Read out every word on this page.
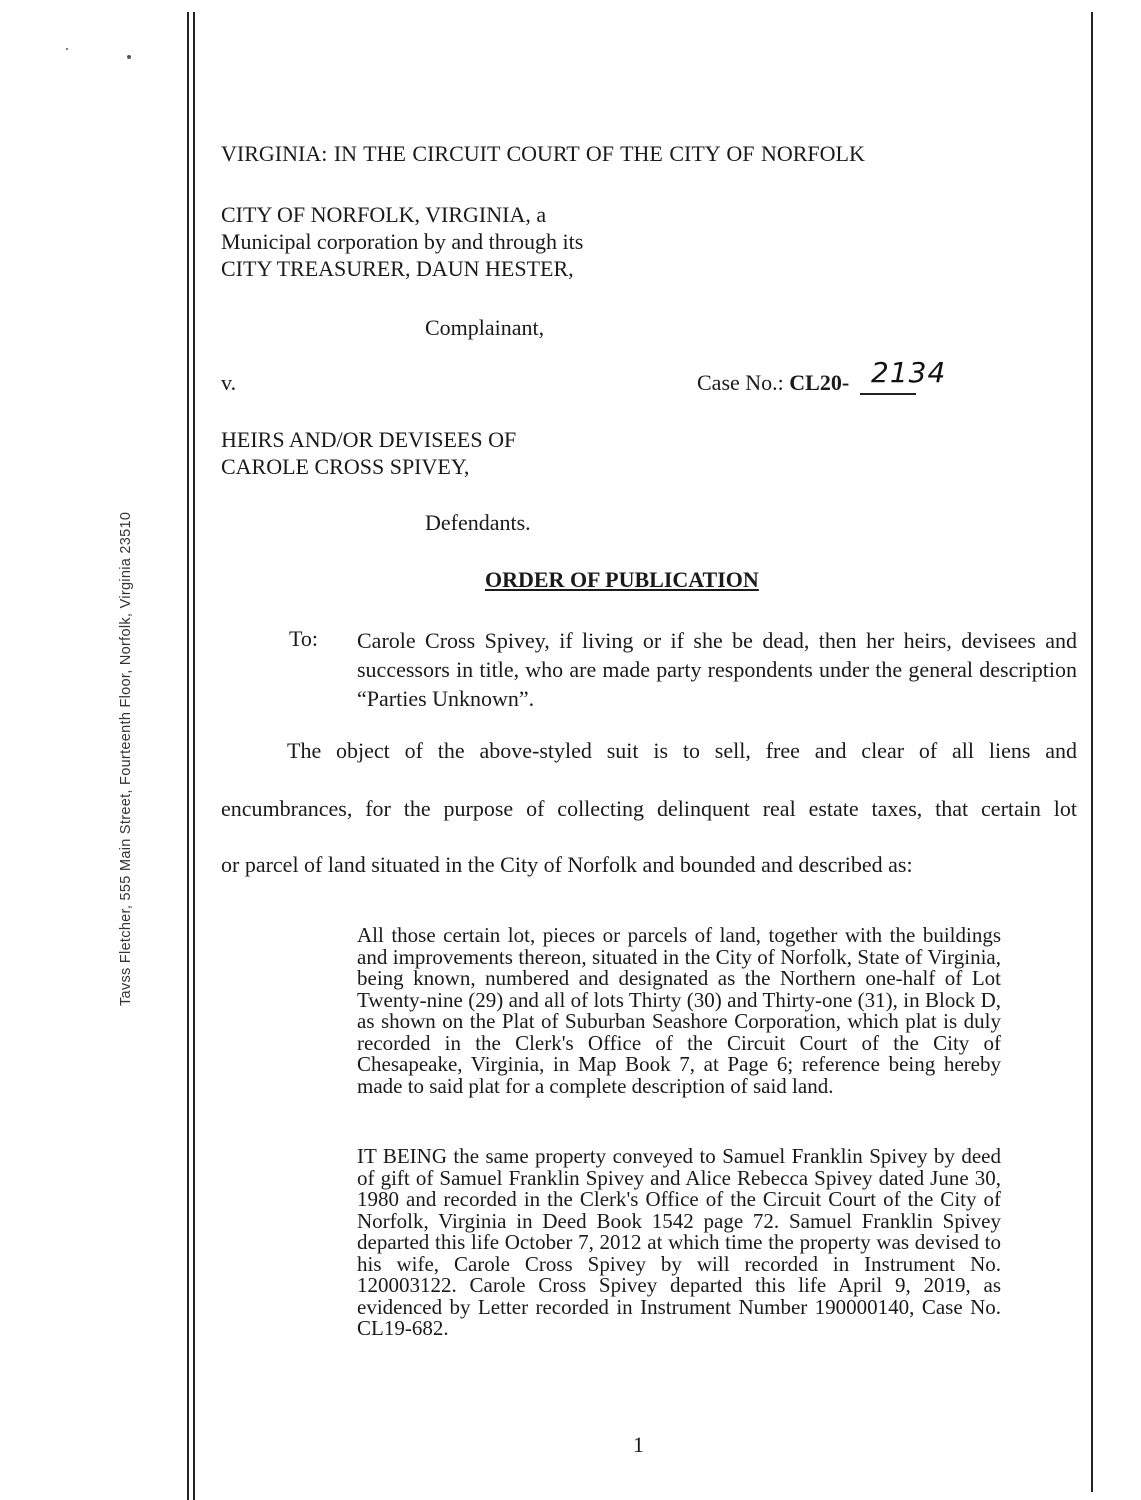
Tavss Fletcher, 555 Main Street, Fourteenth Floor, Norfolk, Virginia 23510
VIRGINIA: IN THE CIRCUIT COURT OF THE CITY OF NORFOLK
CITY OF NORFOLK, VIRGINIA, a
Municipal corporation by and through its
CITY TREASURER, DAUN HESTER,
Complainant,
v.	Case No.: CL20- 2134
HEIRS AND/OR DEVISEES OF
CAROLE CROSS SPIVEY,
Defendants.
ORDER OF PUBLICATION
To: Carole Cross Spivey, if living or if she be dead, then her heirs, devisees and successors in title, who are made party respondents under the general description “Parties Unknown”.
The object of the above-styled suit is to sell, free and clear of all liens and
encumbrances, for the purpose of collecting delinquent real estate taxes, that certain lot
or parcel of land situated in the City of Norfolk and bounded and described as:
All those certain lot, pieces or parcels of land, together with the buildings and improvements thereon, situated in the City of Norfolk, State of Virginia, being known, numbered and designated as the Northern one-half of Lot Twenty-nine (29) and all of lots Thirty (30) and Thirty-one (31), in Block D, as shown on the Plat of Suburban Seashore Corporation, which plat is duly recorded in the Clerk's Office of the Circuit Court of the City of Chesapeake, Virginia, in Map Book 7, at Page 6; reference being hereby made to said plat for a complete description of said land.
IT BEING the same property conveyed to Samuel Franklin Spivey by deed of gift of Samuel Franklin Spivey and Alice Rebecca Spivey dated June 30, 1980 and recorded in the Clerk's Office of the Circuit Court of the City of Norfolk, Virginia in Deed Book 1542 page 72. Samuel Franklin Spivey departed this life October 7, 2012 at which time the property was devised to his wife, Carole Cross Spivey by will recorded in Instrument No. 120003122. Carole Cross Spivey departed this life April 9, 2019, as evidenced by Letter recorded in Instrument Number 190000140, Case No. CL19-682.
1
